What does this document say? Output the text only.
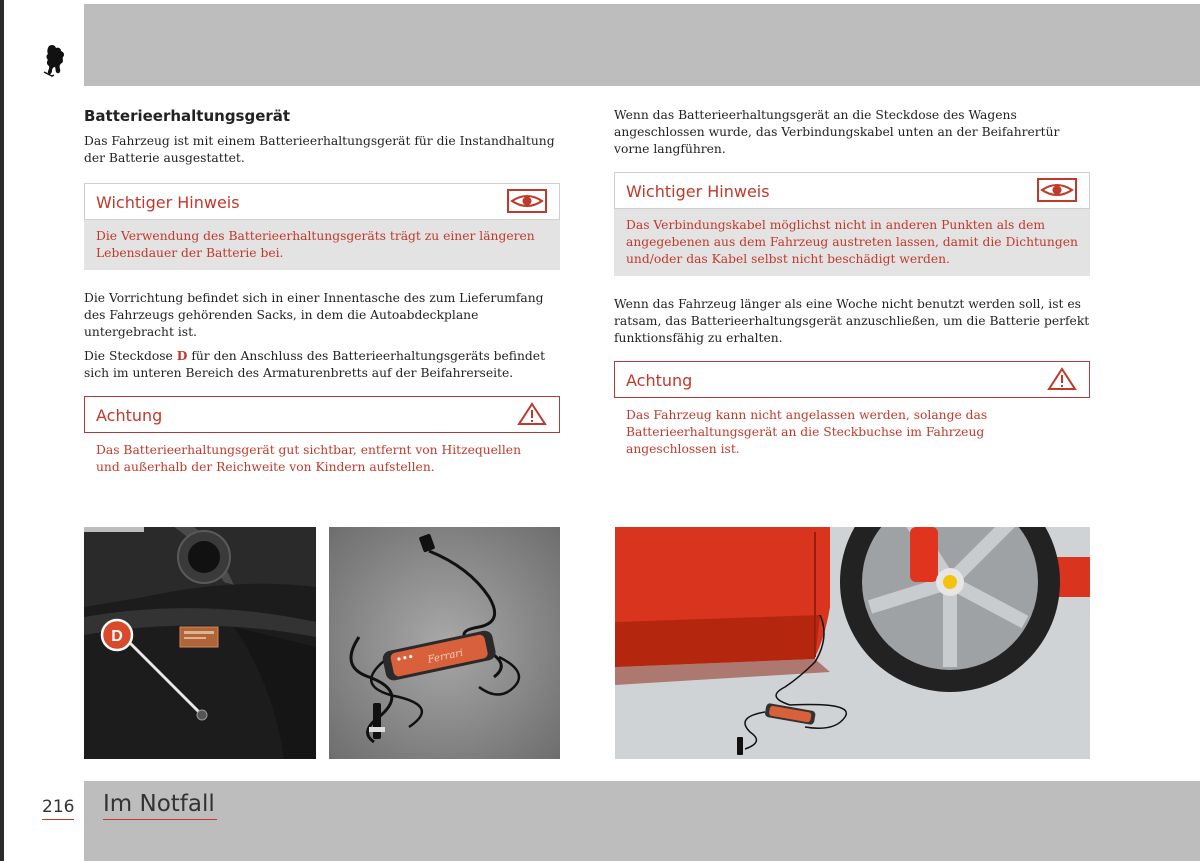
Batterieerhaltungsgerät

Das Fahrzeug ist mit einem Batterieerhaltungsgerät für die Instandhaltung der Batterie ausgestattet.

Wichtiger Hinweis
Die Verwendung des Batterieerhaltungsgeräts trägt zu einer längeren Lebensdauer der Batterie bei.

Die Vorrichtung befindet sich in einer Innentasche des zum Lieferumfang des Fahrzeugs gehörenden Sacks, in dem die Autoabdeckplane untergebracht ist.

Die Steckdose D für den Anschluss des Batterieerhaltungsgeräts befindet sich im unteren Bereich des Armaturenbretts auf der Beifahrerseite.

Achtung
Das Batterieerhaltungsgerät gut sichtbar, entfernt von Hitzequellen und außerhalb der Reichweite von Kindern aufstellen.

Wenn das Batterieerhaltungsgerät an die Steckdose des Wagens angeschlossen wurde, das Verbindungskabel unten an der Beifahrertür vorne langführen.

Wichtiger Hinweis
Das Verbindungskabel möglichst nicht in anderen Punkten als dem angegebenen aus dem Fahrzeug austreten lassen, damit die Dichtungen und/oder das Kabel selbst nicht beschädigt werden.

Wenn das Fahrzeug länger als eine Woche nicht benutzt werden soll, ist es ratsam, das Batterieerhaltungsgerät anzuschließen, um die Batterie perfekt funktionsfähig zu erhalten.

Achtung
Das Fahrzeug kann nicht angelassen werden, solange das Batterieerhaltungsgerät an die Steckbuchse im Fahrzeug angeschlossen ist.
D
Ferrari
216 Im Notfall
